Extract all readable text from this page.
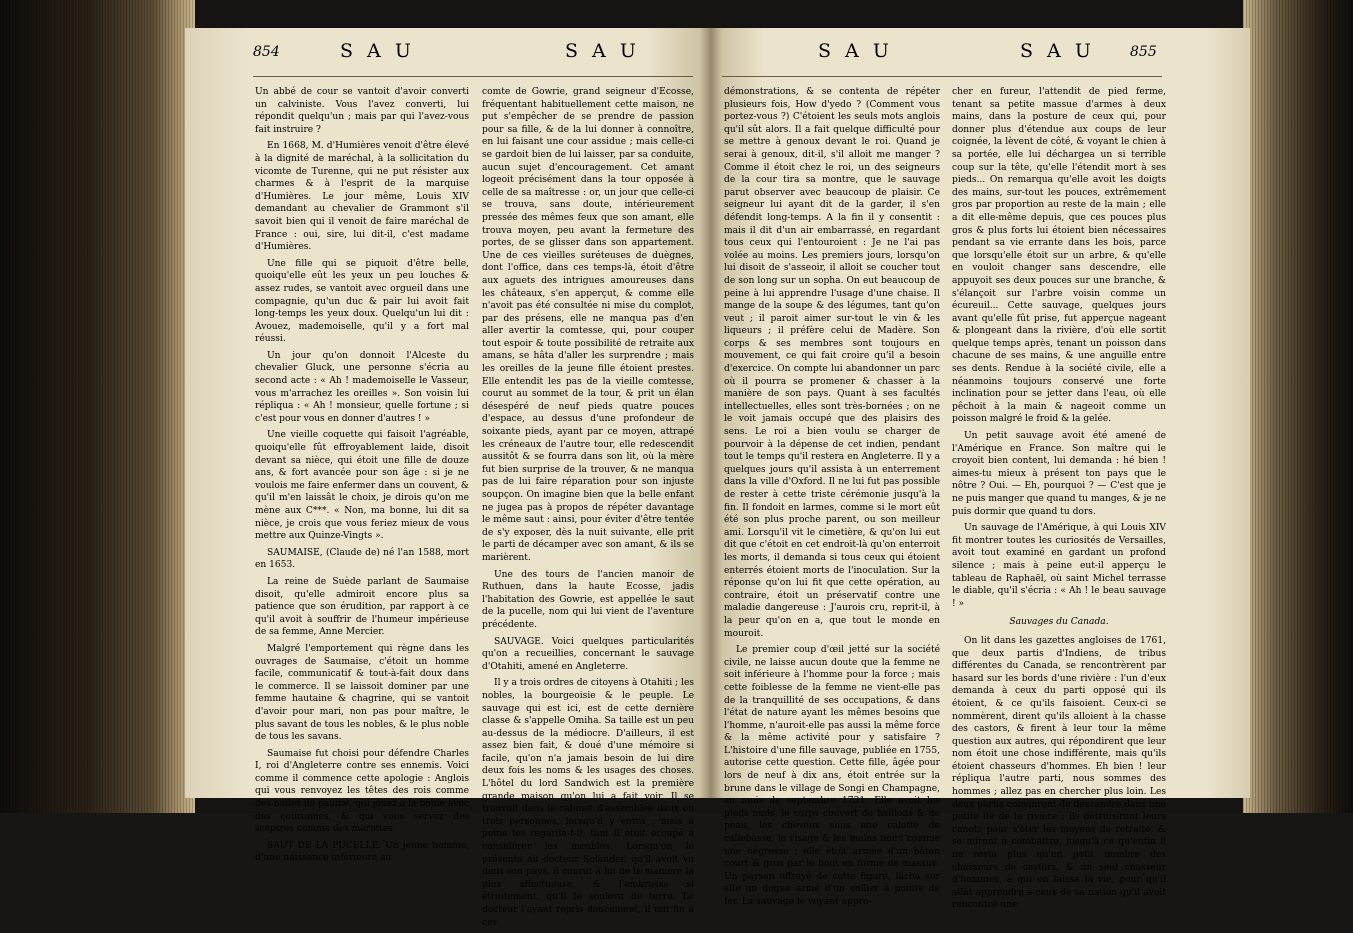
854	S A U	S A U	S A U	S A U	855

Un abbé de cour se vantoit d'avoir converti un calviniste. Vous l'avez converti, lui répondit quelqu'un ; mais par qui l'avez-vous fait instruire ?

En 1668, M. d'Humières venoit d'être élevé à la dignité de maréchal, à la sollicitation du vicomte de Turenne, qui ne put résister aux charmes & à l'esprit de la marquise d'Humières. Le jour même, Louis XIV demandant au chevalier de Grammont s'il savoit bien qui il venoit de faire maréchal de France : oui, sire, lui dit-il, c'est madame d'Humières.

Une fille qui se piquoit d'être belle, quoiqu'elle eût les yeux un peu louches & assez rudes, se vantoit avec orgueil dans une compagnie, qu'un duc & pair lui avoit fait long-temps les yeux doux. Quelqu'un lui dit : Avouez, mademoiselle, qu'il y a fort mal réussi.

Un jour qu'on donnoit l'Alceste du chevalier Gluck, une personne s'écria au second acte : « Ah ! mademoiselle le Vasseur, vous m'arrachez les oreilles ». Son voisin lui répliqua : « Ah ! monsieur, quelle fortune ; si c'est pour vous en donner d'autres ! »

Une vieille coquette qui faisoit l'agréable, quoiqu'elle fût effroyablement laide, disoit devant sa nièce, qui étoit une fille de douze ans, & fort avancée pour son âge : si je ne voulois me faire enfermer dans un couvent, & qu'il m'en laissât le choix, je dirois qu'on me mène aux C***. « Non, ma bonne, lui dit sa nièce, je crois que vous feriez mieux de vous mettre aux Quinze-Vingts ».

SAUMAISE, (Claude de) né l'an 1588, mort en 1653.

La reine de Suède parlant de Saumaise disoit, qu'elle admiroit encore plus sa patience que son érudition, par rapport à ce qu'il avoit à souffrir de l'humeur impérieuse de sa femme, Anne Mercier.

Malgré l'emportement qui règne dans les ouvrages de Saumaise, c'étoit un homme facile, communicatif & tout-à-fait doux dans le commerce. Il se laissoit dominer par une femme hautaine & chagrine, qui se vantoit d'avoir pour mari, non pas pour maître, le plus savant de tous les nobles, & le plus noble de tous les savans.

Saumaise fut choisi pour défendre Charles I, roi d'Angleterre contre ses ennemis. Voici comme il commence cette apologie : Anglois qui vous renvoyez les têtes des rois comme des balles de paume, qui jouez à la boule avec des couronnes, & qui vous servez des sceptres comme des marottes.

SAUT DE LA PUCELLE. Un jeune homme, d'une naissance inférieure au

comte de Gowrie, grand seigneur d'Ecosse, fréquentant habituellement cette maison, ne put s'empêcher de se prendre de passion pour sa fille, & de la lui donner à connoître, en lui faisant une cour assidue ; mais celle-ci se gardoit bien de lui laisser, par sa conduite, aucun sujet d'encouragement. Cet amant logeoit précisément dans la tour opposée à celle de sa maîtresse : or, un jour que celle-ci se trouva, sans doute, intérieurement pressée des mêmes feux que son amant, elle trouva moyen, peu avant la fermeture des portes, de se glisser dans son appartement. Une de ces vieilles suréteuses de duègnes, dont l'office, dans ces temps-là, étoit d'être aux aguets des intrigues amoureuses dans les châteaux, s'en apperçut, & comme elle n'avoit pas été consultée ni mise du complot, par des présens, elle ne manqua pas d'en aller avertir la comtesse, qui, pour couper tout espoir & toute possibilité de retraite aux amans, se hâta d'aller les surprendre ; mais les oreilles de la jeune fille étoient prestes. Elle entendit les pas de la vieille comtesse, courut au sommet de la tour, & prit un élan désespéré de neuf pieds quatre pouces d'espace, au dessus d'une profondeur de soixante pieds, ayant par ce moyen, attrapé les créneaux de l'autre tour, elle redescendit aussitôt & se fourra dans son lit, où la mère fut bien surprise de la trouver, & ne manqua pas de lui faire réparation pour son injuste soupçon. On imagine bien que la belle enfant ne jugea pas à propos de répéter davantage le même saut : ainsi, pour éviter d'être tentée de s'y exposer, dès la nuit suivante, elle prit le parti de décamper avec son amant, & ils se marièrent.

Une des tours de l'ancien manoir de Ruthuen, dans la haute Ecosse, jadis l'habitation des Gowrie, est appellée le saut de la pucelle, nom qui lui vient de l'aventure précédente.

SAUVAGE. Voici quelques particularités qu'on a recueillies, concernant le sauvage d'Otahiti, amené en Angleterre.

Il y a trois ordres de citoyens à Otahiti ; les nobles, la bourgeoisie & le peuple. Le sauvage qui est ici, est de cette dernière classe & s'appelle Omiha. Sa taille est un peu au-dessus de la médiocre. D'ailleurs, il est assez bien fait, & doué d'une mémoire si facile, qu'on n'a jamais besoin de lui dire deux fois les noms & les usages des choses. L'hôtel du lord Sandwich est la première grande maison qu'on lui a fait voir. Il se trouvoit dans le cabinet d'assemblée deux ou trois personnes, lorsqu'il y entra ; mais à peine les regarda-t-il, tant il étoit occupé à considérer les meubles. Lorsqu'on le présenta au docteur Solander, qu'il avoit vu dans son pays, il courut à lui de la manière la plus affectueuse, & l'embrassa si étroitement, qu'il le souleva de terre. Le docteur l'ayant repris doucement, il mit fin à ces

démonstrations, & se contenta de répéter plusieurs fois, How d'yedo ? (Comment vous portez-vous ?) C'étoient les seuls mots anglois qu'il sût alors. Il a fait quelque difficulté pour se mettre à genoux devant le roi. Quand je serai à genoux, dit-il, s'il alloit me manger ? Comme il étoit chez le roi, un des seigneurs de la cour tira sa montre, que le sauvage parut observer avec beaucoup de plaisir. Ce seigneur lui ayant dit de la garder, il s'en défendit long-temps. A la fin il y consentit : mais il dit d'un air embarrassé, en regardant tous ceux qui l'entouroient : Je ne l'ai pas volée au moins. Les premiers jours, lorsqu'on lui disoit de s'asseoir, il alloit se coucher tout de son long sur un sopha. On eut beaucoup de peine à lui apprendre l'usage d'une chaise. Il mange de la soupe & des légumes, tant qu'on veut ; il paroit aimer sur-tout le vin & les liqueurs ; il préfère celui de Madère. Son corps & ses membres sont toujours en mouvement, ce qui fait croire qu'il a besoin d'exercice. On compte lui abandonner un parc où il pourra se promener & chasser à la manière de son pays. Quant à ses facultés intellectuelles, elles sont très-bornées ; on ne le voit jamais occupé que des plaisirs des sens. Le roi a bien voulu se charger de pourvoir à la dépense de cet indien, pendant tout le temps qu'il restera en Angleterre. Il y a quelques jours qu'il assista à un enterrement dans la ville d'Oxford. Il ne lui fut pas possible de rester à cette triste cérémonie jusqu'à la fin. Il fondoit en larmes, comme si le mort eût été son plus proche parent, ou son meilleur ami. Lorsqu'il vit le cimetière, & qu'on lui eut dit que c'étoit en cet endroit-là qu'on enterroit les morts, il demanda si tous ceux qui étoient enterrés étoient morts de l'inoculation. Sur la réponse qu'on lui fit que cette opération, au contraire, étoit un préservatif contre une maladie dangereuse : J'aurois cru, reprit-il, à la peur qu'on en a, que tout le monde en mouroit.

Le premier coup d'œil jetté sur la société civile, ne laisse aucun doute que la femme ne soit inférieure à l'homme pour la force ; mais cette foiblesse de la femme ne vient-elle pas de la tranquillité de ses occupations, & dans l'état de nature ayant les mêmes besoins que l'homme, n'auroit-elle pas aussi la même force & la même activité pour y satisfaire ? L'histoire d'une fille sauvage, publiée en 1755, autorise cette question. Cette fille, âgée pour lors de neuf à dix ans, étoit entrée sur la brune dans le village de Songi en Champagne, au mois de septembre 1731. Elle avoit les pieds nuds, le corps couvert de haillons & de peau, les cheveux sous une calotte de callebasse, le visage & les mains noirs comme une négresse ; elle étoit armée d'un bâton court & gros par le bout en forme de massue. Un paysan effrayé de cette figure, lâcha sur elle un dogue armé d'un collier à pointe de fer. La sauvage le voyant appro-

cher en fureur, l'attendit de pied ferme, tenant sa petite massue d'armes à deux mains, dans la posture de ceux qui, pour donner plus d'étendue aux coups de leur coignée, la lèvent de côté, & voyant le chien à sa portée, elle lui déchargea un si terrible coup sur la tête, qu'elle l'étendit mort à ses pieds... On remarqua qu'elle avoit les doigts des mains, sur-tout les pouces, extrêmement gros par proportion au reste de la main ; elle a dit elle-même depuis, que ces pouces plus gros & plus forts lui étoient bien nécessaires pendant sa vie errante dans les bois, parce que lorsqu'elle étoit sur un arbre, & qu'elle en vouloit changer sans descendre, elle appuyoit ses deux pouces sur une branche, & s'élançoit sur l'arbre voisin comme un écureuil... Cette sauvage, quelques jours avant qu'elle fût prise, fut apperçue nageant & plongeant dans la rivière, d'où elle sortit quelque temps après, tenant un poisson dans chacune de ses mains, & une anguille entre ses dents. Rendue à la société civile, elle a néanmoins toujours conservé une forte inclination pour se jetter dans l'eau, où elle pêchoit à la main & nageoit comme un poisson malgré le froid & la gelée.

Un petit sauvage avoit été amené de l'Amérique en France. Son maître qui le croyoit bien content, lui demanda : hé bien ! aimes-tu mieux à présent ton pays que le nôtre ? Oui. — Eh, pourquoi ? — C'est que je ne puis manger que quand tu manges, & je ne puis dormir que quand tu dors.

Un sauvage de l'Amérique, à qui Louis XIV fit montrer toutes les curiosités de Versailles, avoit tout examiné en gardant un profond silence ; mais à peine eut-il apperçu le tableau de Raphaël, où saint Michel terrasse le diable, qu'il s'écria : « Ah ! le beau sauvage ! »

Sauvages du Canada.

On lit dans les gazettes angloises de 1761, que deux partis d'Indiens, de tribus différentes du Canada, se rencontrèrent par hasard sur les bords d'une rivière : l'un d'eux demanda à ceux du parti opposé qui ils étoient, & ce qu'ils faisoient. Ceux-ci se nommèrent, dirent qu'ils alloient à la chasse des castors, & firent à leur tour la même question aux autres, qui répondirent que leur nom étoit une chose indifférente, mais qu'ils étoient chasseurs d'hommes. Eh bien ! leur répliqua l'autre parti, nous sommes des hommes ; allez pas en chercher plus loin. Les deux partis convinrent de descendre dans une petite île de la rivière ; ils détruisirent leurs canots pour s'ôter les moyens de retraite, & se mirent à combattre, jusqu'à ce qu'enfin il ne resta plus qu'un petit nombre des chasseurs de castors, & un seul chasseur d'hommes, à qui on laissa la vie, pour qu'il allât apprendre à ceux de sa nation qu'il avoit rencontré une
